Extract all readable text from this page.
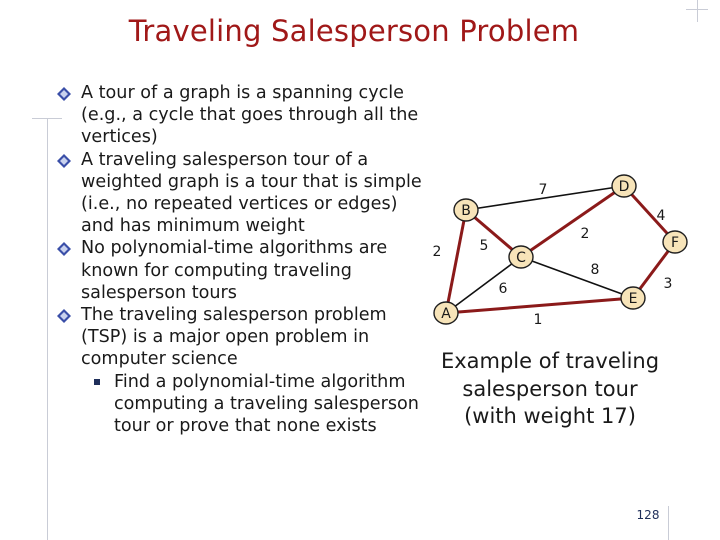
Traveling Salesperson Problem
A tour of a graph is a spanning cycle (e.g., a cycle that goes through all the vertices)
A traveling salesperson tour of a weighted graph is a tour that is simple (i.e., no repeated vertices or edges) and has minimum weight
No polynomial-time algorithms are known for computing traveling salesperson tours
The traveling salesperson problem (TSP) is a major open problem in computer science
Find a polynomial-time algorithm computing a traveling salesperson tour or prove that none exists
2	5
6
1
8
7
4
2
3
A
B
C
D
E
F
Example of traveling
salesperson tour
(with weight 17)
128
